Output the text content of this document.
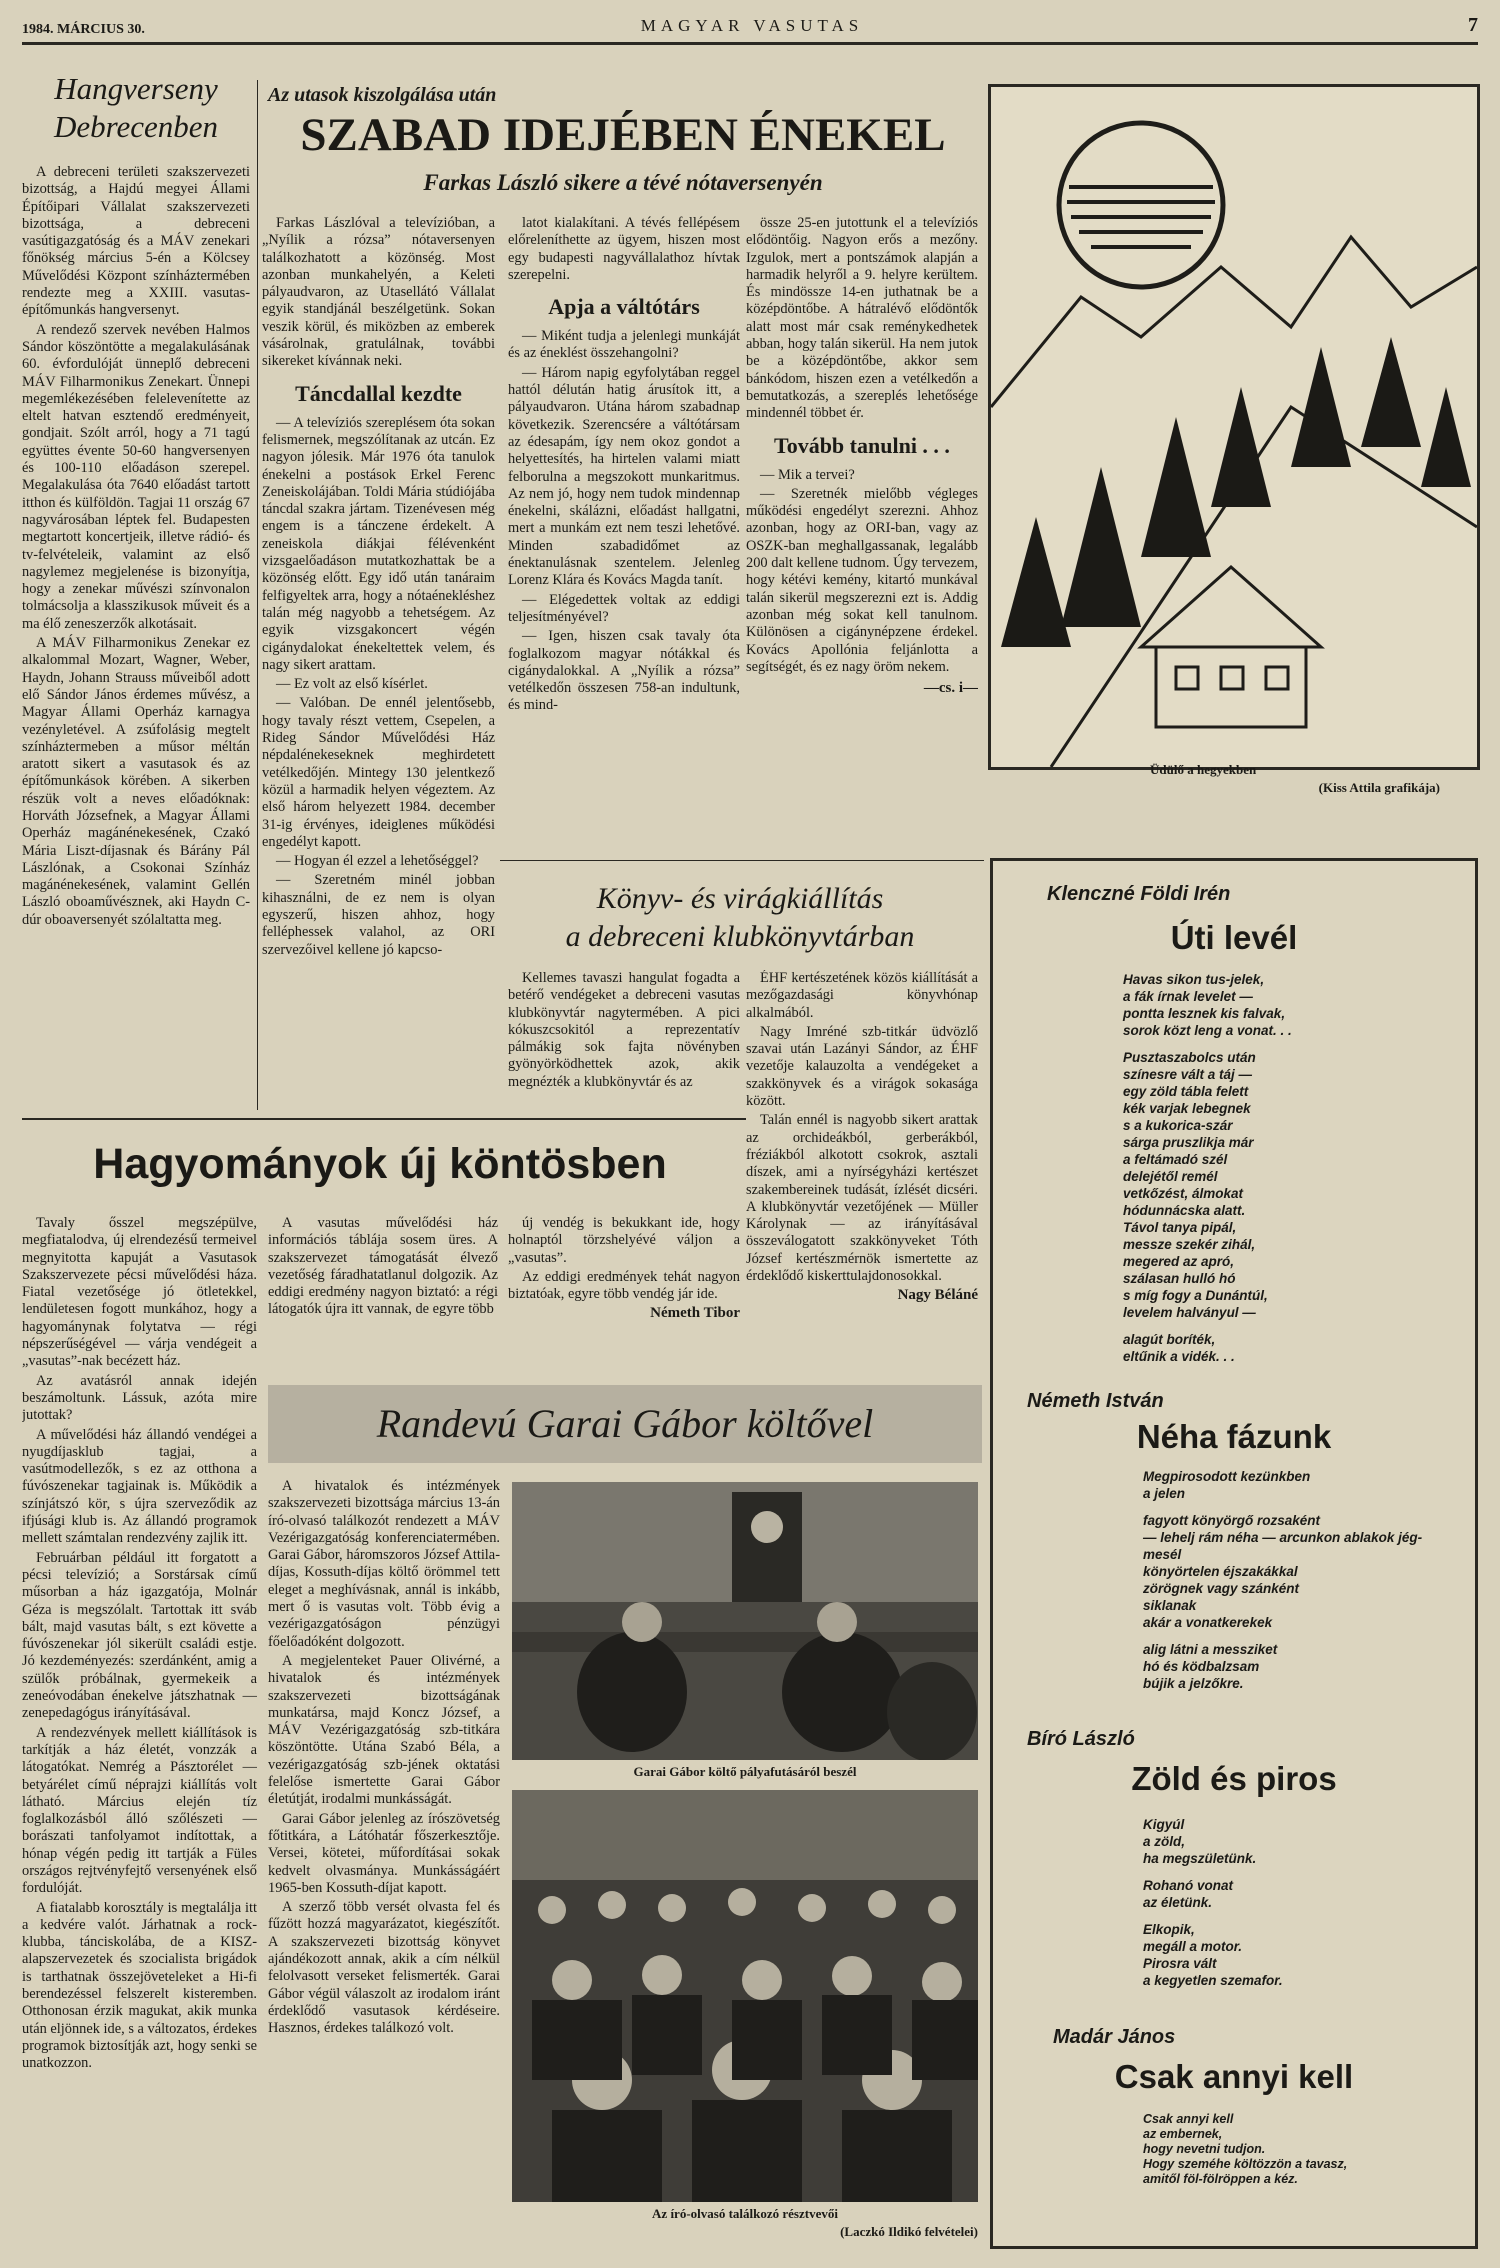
1984. MÁRCIUS 30.	MAGYAR VASUTAS	7
Hangverseny
Debrecenben

A debreceni területi szakszervezeti bizottság, a Hajdú megyei Állami Építőipari Vállalat szakszervezeti bizottsága, a debreceni vasútigazgatóság és a MÁV zenekari főnökség március 5-én a Kölcsey Művelődési Központ színháztermében rendezte meg a XXIII. vasutas-építőmunkás hangversenyt.

A rendező szervek nevében Halmos Sándor köszöntötte a megalakulásának 60. évfordulóját ünneplő debreceni MÁV Filharmonikus Zenekart. Ünnepi megemlékezésében felelevenítette az eltelt hatvan esztendő eredményeit, gondjait. Szólt arról, hogy a 71 tagú együttes évente 50-60 hangversenyen és 100-110 előadáson szerepel. Megalakulása óta 7640 előadást tartott itthon és külföldön. Tagjai 11 ország 67 nagyvárosában léptek fel. Budapesten megtartott koncertjeik, illetve rádió- és tv-felvételeik, valamint az első nagylemez megjelenése is bizonyítja, hogy a zenekar művészi színvonalon tolmácsolja a klasszikusok műveit és a ma élő zeneszerzők alkotásait.

A MÁV Filharmonikus Zenekar ez alkalommal Mozart, Wagner, Weber, Haydn, Johann Strauss műveiből adott elő Sándor János érdemes művész, a Magyar Állami Operház karnagya vezényletével. A zsúfolásig megtelt színháztermeben a műsor méltán aratott sikert a vasutasok és az építőmunkások körében. A sikerben részük volt a neves előadóknak: Horváth Józsefnek, a Magyar Állami Operház magánénekesének, Czakó Mária Liszt-díjasnak és Bárány Pál Lászlónak, a Csokonai Színház magánénekesének, valamint Gellén László oboaművésznek, aki Haydn C-dúr oboaversenyét szólaltatta meg.

Az utasok kiszolgálása után
SZABAD IDEJÉBEN ÉNEKEL
Farkas László sikere a tévé nótaversenyén

Farkas Lászlóval a televízióban, a „Nyílik a rózsa” nótaversenyen találkozhatott a közönség. Most azonban munkahelyén, a Keleti pályaudvaron, az Utasellátó Vállalat egyik standjánál beszélgetünk. Sokan veszik körül, és miközben az emberek vásárolnak, gratulálnak, további sikereket kívánnak neki.

Táncdallal kezdte

— A televíziós szereplésem óta sokan felismernek, megszólítanak az utcán. Ez nagyon jólesik. Már 1976 óta tanulok énekelni a postások Erkel Ferenc Zeneiskolájában. Toldi Mária stúdiójába táncdal szakra jártam. Tizenévesen még engem is a tánczene érdekelt. A zeneiskola diákjai félévenként vizsgaelőadáson mutatkozhattak be a közönség előtt. Egy idő után tanáraim felfigyeltek arra, hogy a nótaénekléshez talán még nagyobb a tehetségem. Az egyik vizsgakoncert végén cigánydalokat énekeltettek velem, és nagy sikert arattam.

— Ez volt az első kísérlet.

— Valóban. De ennél jelentősebb, hogy tavaly részt vettem, Csepelen, a Rideg Sándor Művelődési Ház népdalénekeseknek meghirdetett vetélkedőjén. Mintegy 130 jelentkező közül a harmadik helyen végeztem. Az első három helyezett 1984. december 31-ig érvényes, ideiglenes működési engedélyt kapott.

— Hogyan él ezzel a lehetőséggel?

— Szeretném minél jobban kihasználni, de ez nem is olyan egyszerű, hiszen ahhoz, hogy felléphessek valahol, az ORI szervezőivel kellene jó kapcso-

latot kialakítani. A tévés fellépésem előreleníthette az ügyem, hiszen most egy budapesti nagyvállalathoz hívtak szerepelni.

Apja a váltótárs

— Miként tudja a jelenlegi munkáját és az éneklést összehangolni?

— Három napig egyfolytában reggel hattól délután hatig árusítok itt, a pályaudvaron. Utána három szabadnap következik. Szerencsére a váltótársam az édesapám, így nem okoz gondot a helyettesítés, ha hirtelen valami miatt felborulna a megszokott munkaritmus. Az nem jó, hogy nem tudok mindennap énekelni, skálázni, előadást hallgatni, mert a munkám ezt nem teszi lehetővé. Minden szabadidőmet az énektanulásnak szentelem. Jelenleg Lorenz Klára és Kovács Magda tanít.

— Elégedettek voltak az eddigi teljesítményével?

— Igen, hiszen csak tavaly óta foglalkozom magyar nótákkal és cigánydalokkal. A „Nyílik a rózsa” vetélkedőn összesen 758-an indultunk, és mind-

össze 25-en jutottunk el a televíziós elődöntőig. Nagyon erős a mezőny. Izgulok, mert a pontszámok alapján a harmadik helyről a 9. helyre kerültem. És mindössze 14-en juthatnak be a középdöntőbe. A hátralévő elődöntők alatt most már csak reménykedhetek abban, hogy talán sikerül. Ha nem jutok be a középdöntőbe, akkor sem bánkódom, hiszen ezen a vetélkedőn a bemutatkozás, a szereplés lehetősége mindennél többet ér.

Tovább tanulni . . .

— Mik a tervei?

— Szeretnék mielőbb végleges működési engedélyt szerezni. Ahhoz azonban, hogy az ORI-ban, vagy az OSZK-ban meghallgassanak, legalább 200 dalt kellene tudnom. Úgy tervezem, hogy kétévi kemény, kitartó munkával talán sikerül megszerezni ezt is. Addig azonban még sokat kell tanulnom. Különösen a cigánynépzene érdekel. Kovács Apollónia feljánlotta a segítségét, és ez nagy öröm nekem.

—cs. i—
Üdülő a hegyekben
(Kiss Attila grafikája)
Könyv- és virágkiállítás
a debreceni klubkönyvtárban

Kellemes tavaszi hangulat fogadta a betérő vendégeket a debreceni vasutas klubkönyvtár nagytermében. A pici kókuszcsokitól a reprezentatív pálmákig sok fajta növényben gyönyörködhettek azok, akik megnézték a klubkönyvtár és az

ÉHF kertészetének közös kiállítását a mezőgazdasági könyvhónap alkalmából.

Nagy Imréné szb-titkár üdvözlő szavai után Lazányi Sándor, az ÉHF vezetője kalauzolta a vendégeket a szakkönyvek és a virágok sokasága között.

Talán ennél is nagyobb sikert arattak az orchideákból, gerberákból, fréziákból alkotott csokrok, asztali díszek, ami a nyírségyházi kertészet szakembereinek tudását, ízlését dicséri. A klubkönyvtár vezetőjének — Müller Károlynak — az irányításával összeválogatott szakkönyveket Tóth József kertészmérnök ismertette az érdeklődő kiskerttulajdonosokkal.

Nagy Béláné
Hagyományok új köntösben

Tavaly ősszel megszépülve, megfiatalodva, új elrendezésű termeivel megnyitotta kapuját a Vasutasok Szakszervezete pécsi művelődési háza. Fiatal vezetősége jó ötletekkel, lendületesen fogott munkához, hogy a hagyománynak folytatva — régi népszerűségével — várja vendégeit a „vasutas”-nak becézett ház.

Az avatásról annak idején beszámoltunk. Lássuk, azóta mire jutottak?

A művelődési ház állandó vendégei a nyugdíjasklub tagjai, a vasútmodellezők, s ez az otthona a fúvószenekar tagjainak is. Működik a színjátszó kör, s újra szerveződik az ifjúsági klub is. Az állandó programok mellett számtalan rendezvény zajlik itt.

Februárban például itt forgatott a pécsi televízió; a Sorstársak című műsorban a ház igazgatója, Molnár Géza is megszólalt. Tartottak itt sváb bált, majd vasutas bált, s ezt követte a fúvószenekar jól sikerült családi estje. Jó kezdeményezés: szerdánként, amig a szülők próbálnak, gyermekeik a zeneóvodában énekelve játszhatnak — zenepedagógus irányításával.

A rendezvények mellett kiállítások is tarkítják a ház életét, vonzzák a látogatókat. Nemrég a Pásztorélet — betyárélet című néprajzi kiállítás volt látható. Március elején tíz foglalkozásból álló szőlészeti — borászati tanfolyamot indítottak, a hónap végén pedig itt tartják a Füles országos rejtvényfejtő versenyének első fordulóját.

A fiatalabb korosztály is megtalálja itt a kedvére valót. Járhatnak a rock-klubba, tánciskolába, de a KISZ-alapszervezetek és szocialista brigádok is tarthatnak összejöveteleket a Hi-fi berendezéssel felszerelt kisteremben. Otthonosan érzik magukat, akik munka után eljönnek ide, s a változatos, érdekes programok biztosítják azt, hogy senki se unatkozzon.

A vasutas művelődési ház információs táblája sosem üres. A szakszervezet támogatását élvező vezetőség fáradhatatlanul dolgozik. Az eddigi eredmény nagyon biztató: a régi látogatók újra itt vannak, de egyre több

új vendég is bekukkant ide, hogy holnaptól törzshelyévé váljon a „vasutas”.

Az eddigi eredmények tehát nagyon biztatóak, egyre több vendég jár ide.

Németh Tibor
Randevú Garai Gábor költővel

A hivatalok és intézmények szakszervezeti bizottsága március 13-án író-olvasó találkozót rendezett a MÁV Vezérigazgatóság konferenciatermében. Garai Gábor, háromszoros József Attila-díjas, Kossuth-díjas költő örömmel tett eleget a meghívásnak, annál is inkább, mert ő is vasutas volt. Több évig a vezérigazgatóságon pénzügyi főelőadóként dolgozott.

A megjelenteket Pauer Olivérné, a hivatalok és intézmények szakszervezeti bizottságának munkatársa, majd Koncz József, a MÁV Vezérigazgatóság szb-titkára köszöntötte. Utána Szabó Béla, a vezérigazgatóság szb-jének oktatási felelőse ismertette Garai Gábor életútját, irodalmi munkásságát.

Garai Gábor jelenleg az írószövetség főtitkára, a Látóhatár főszerkesztője. Versei, kötetei, műfordításai sokak kedvelt olvasmánya. Munkásságáért 1965-ben Kossuth-díjat kapott.

A szerző több versét olvasta fel és fűzött hozzá magyarázatot, kiegészítőt. A szakszervezeti bizottság könyvet ajándékozott annak, akik a cím nélkül felolvasott verseket felismerték. Garai Gábor végül válaszolt az irodalom iránt érdeklődő vasutasok kérdéseire. Hasznos, érdekes találkozó volt.

Garai Gábor költő pályafutásáról beszél
Az író-olvasó találkozó résztvevői
(Laczkó Ildikó felvételei)
Klenczné Földi Irén
Úti levél
Havas sikon tus-jelek,
a fák írnak levelet —
pontta lesznek kis falvak,
sorok közt leng a vonat. . .
Pusztaszabolcs után
színesre vált a táj —
egy zöld tábla felett
kék varjak lebegnek
s a kukorica-szár
sárga pruszlikja már
a feltámadó szél
delejétől remél
vetkőzést, álmokat
hódunnácska alatt.
Távol tanya pipál,
messze szekér zihál,
megered az apró,
szálasan hulló hó
s míg fogy a Dunántúl,
levelem halványul —
alagút boríték,
eltűnik a vidék. . .
Németh István
Néha fázunk
Megpirosodott kezünkben
a jelen
fagyott könyörgő rozsaként
— lehelj rám néha — arcunkon ablakok jég-
mesél
könyörtelen éjszakákkal
zörögnek vagy szánként
siklanak
akár a vonatkerekek
alig látni a messziket
hó és ködbalzsam
bújik a jelzőkre.
Bíró László
Zöld és piros
Kigyúl
a zöld,
ha megszületünk.
Rohanó vonat
az életünk.
Elkopik,
megáll a motor.
Pirosra vált
a kegyetlen szemafor.
Madár János
Csak annyi kell
Csak annyi kell
az embernek,
hogy nevetni tudjon.
Hogy szeméhe költözzön a tavasz,
amitől föl-fölröppen a kéz.
